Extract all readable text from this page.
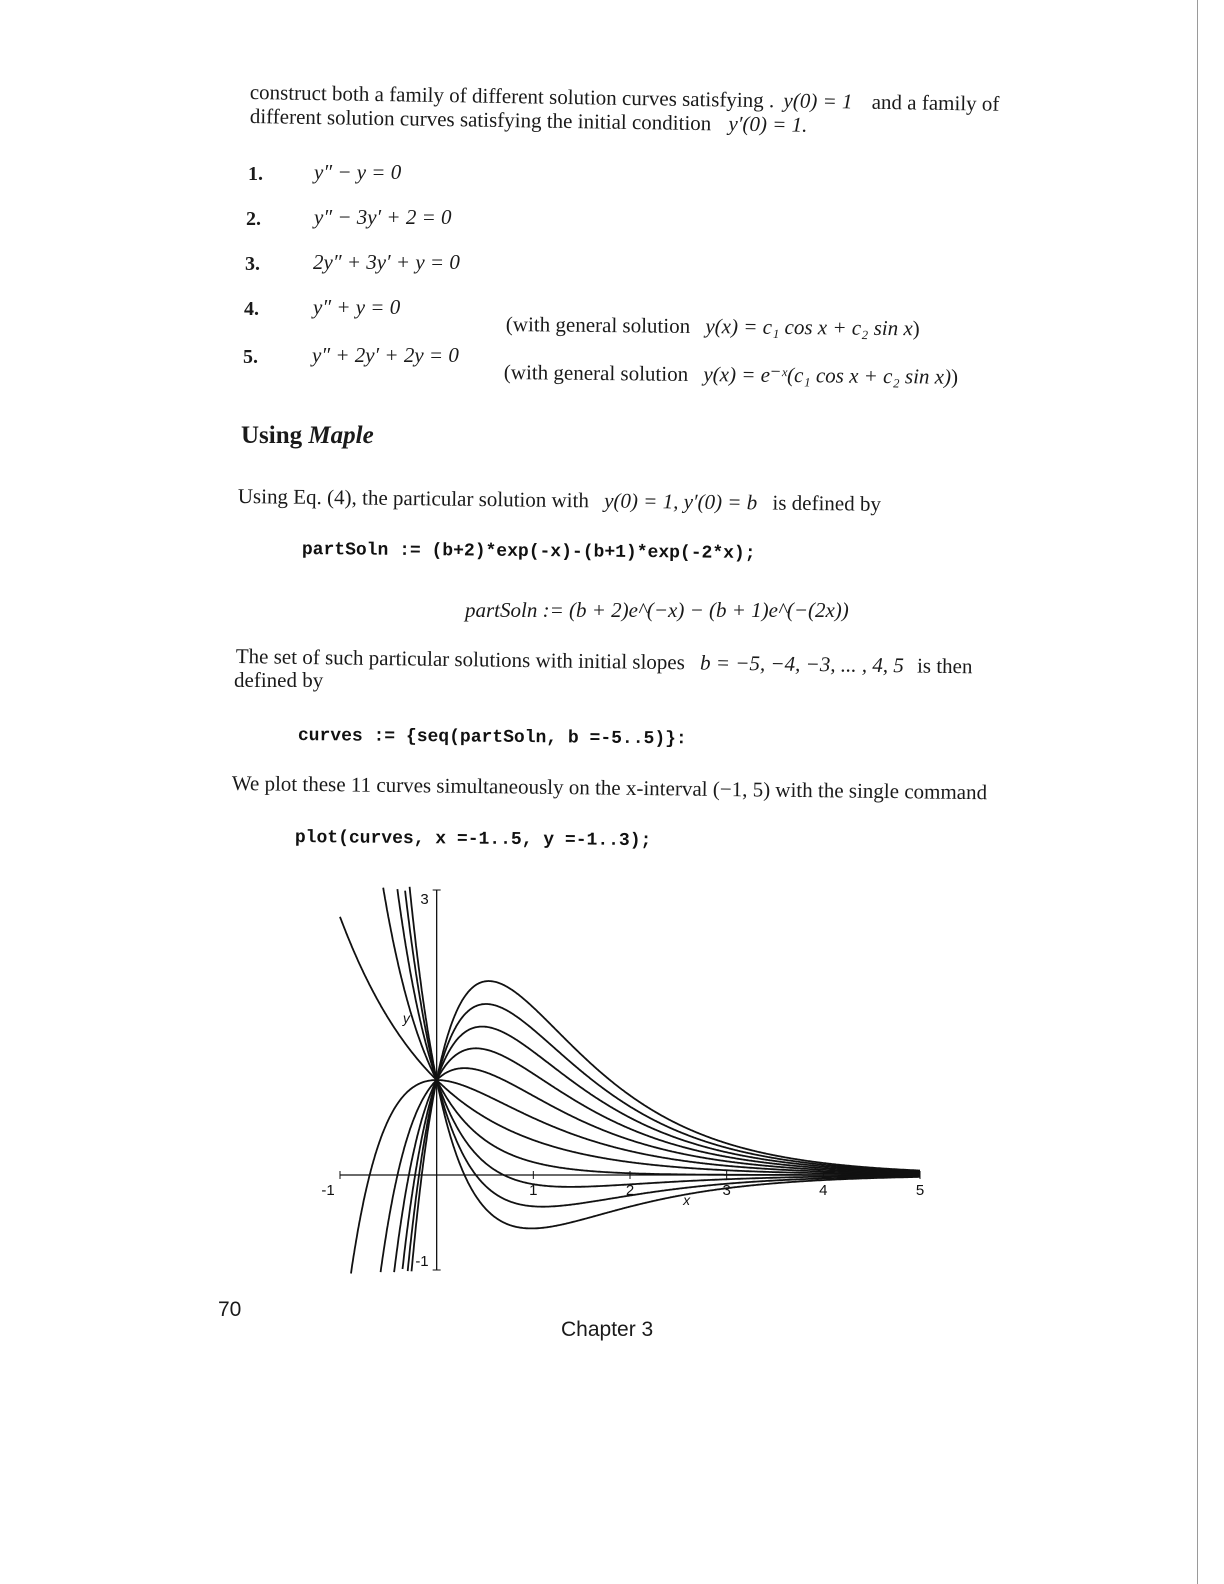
construct both a family of different solution curves satisfying . y(0) = 1 and a family of
different solution curves satisfying the initial condition y′(0) = 1.
1. y″ − y = 0
2.	y″ − 3y′ + 2 = 0
3.	2y″ + 3y′ + y = 0
4.	y″ + y = 0
(with general solution y(x) = c₁ cos x + c₂ sin x)
5.	y″ + 2y′ + 2y = 0
(with general solution y(x) = e⁻ˣ(c₁ cos x + c₂ sin x))
Using Maple
Using Eq. (4), the particular solution with y(0) = 1, y′(0) = b is defined by
partSoln := (b+2)*exp(-x)-(b+1)*exp(-2*x);
partSoln := (b + 2)e^(−x) − (b + 1)e^(−(2x))
The set of such particular solutions with initial slopes b = −5, −4, −3, ... , 4, 5 is then
defined by
curves := {seq(partSoln, b =-5..5)}:
We plot these 11 curves simultaneously on the x-interval (−1, 5) with the single command
plot(curves, x =-1..5, y =-1..3);
-1	1	2	3	4	5
3
-1
x
y
70
Chapter 3
